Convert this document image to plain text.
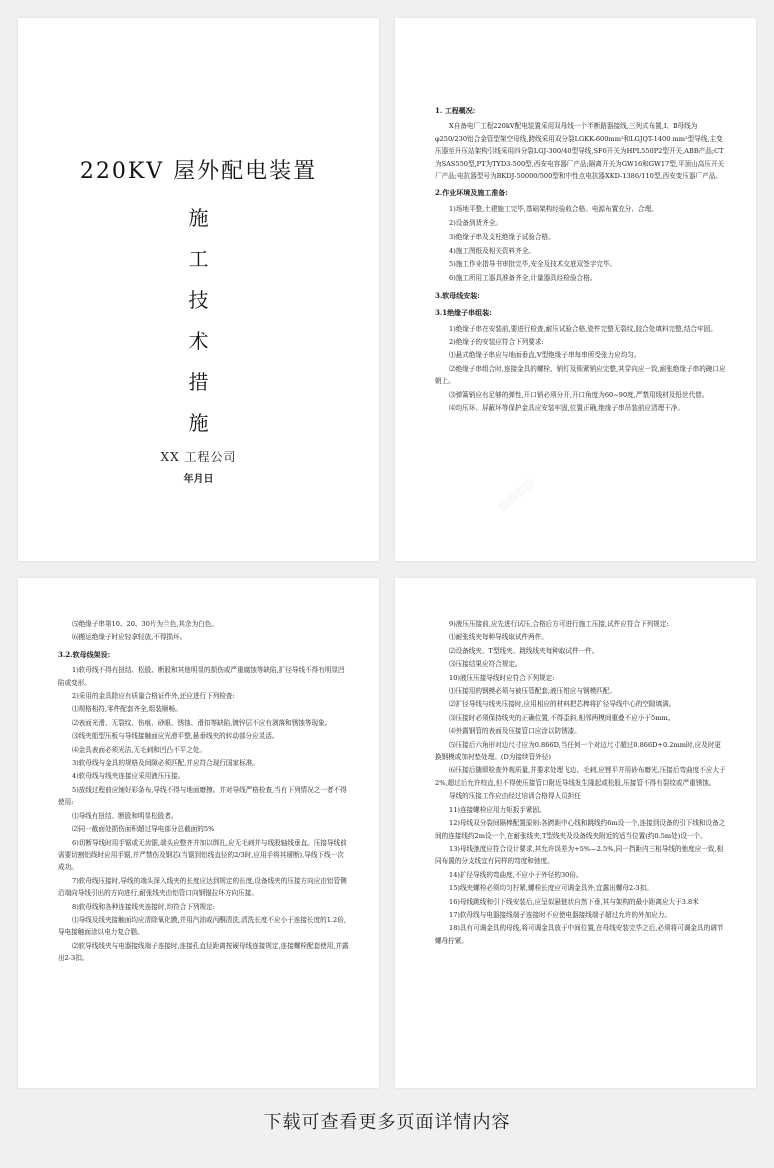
220KV 屋外配电装置
施
工
技
术
措
施
XX 工程公司
年月日
1. 工程概况:
X自备电厂工程220kV配电装置采用双母线一个半断路器接线,三列式布置,Ⅰ、Ⅱ母线为φ250/230铝合金管型架空母线,跨线采用双分裂LGKK-600mm²和LGJQT-1400 mm²型导线,主变压器至升压站架构引线采用四分裂LGJ-300/40型导线,SF6开关为HPL550P2型开关,ABB产品;CT为SAS550型,PT为TYD3-500型,西安电容器厂产品;隔离开关为GW16和GW17型,平顶山高压开关厂产品;电抗器型号为BKDJ-50000/500型和中性点电抗器XKD-1386/110型,西安变压器厂产品。
2.作业环境及施工准备:
1)场地平整,土建施工完毕,基础架构经验收合格。电源布置充分、合理。
2)设备到货齐全。
3)绝缘子串及支柱绝缘子试验合格。
4)施工图纸及相关资料齐全。
5)施工作业指导书审批完毕,安全及技术交底双签字完毕。
6)施工所用工器具准备齐全,计量器具经检验合格。
3.软母线安装:
3.1绝缘子串组装:
1)绝缘子串在安装前,要进行检查,耐压试验合格,瓷件完整无裂纹,胶合处填料完整,结合牢固。
2)绝缘子的安装应符合下列要求:
⑴悬式绝缘子串应与地面垂直,V型绝缘子串每串所受张力应均匀。
⑵绝缘子串组合时,连接金具的螺栓、销钉及锁紧销应完整,其穿向应一致,耐张绝缘子串的碗口应朝上。
⑶弹簧销应有足够的弹性,开口销必须分开,开口角度为60~90度,严禁用线材及铅丝代替。
⑷均压环、屏蔽环等保护金具应安装牢固,位置正确,绝缘子串吊装前应清理干净。
▨▨▨▨
⑸绝缘子串第10、20、30片为兰色,其余为白色。
⑹搬运绝缘子时应轻拿轻放,不得损坏。
3.2.软母线架设:
1)软母线不得有扭结、松股、断股和其他明显的损伤或严重腐蚀等缺陷,扩径导线不得有明显凹陷或变形。
2)采用的金具除应有质量合格证件外,还应进行下列检查:
⑴规格相符,零件配套齐全,组装顺畅。
⑵表面光滑、无裂纹、伤痕、砂眼、锈蚀、滑扣等缺陷,镀锌层不应有剥落和锈蚀等现象。
⑶线夹船型压板与导线接触面应光滑平整,悬垂线夹的转动部分应灵活。
⑷金具表面必须光洁,无毛刺和凹凸不平之处。
3)软母线与金具的规格及间隙必须匹配,并应符合现行国家标准。
4)软母线与线夹连接应采用液压压接。
5)放线过程前应铺好彩条布,导线不得与地面磨擦。并对导线严格检查,当有下列情况之一者不得使用:
⑴导线有扭结、断股和明显松股者。
⑵同一截面处损伤面积超过导电部分总截面的5%
6)切断导线时用手锯或无齿锯,端头应整齐并加以绑扎,应无毛刺并与线股轴线垂直。压接导线前需要切割铝线时应用手锯,并严禁伤及钢芯(当锯到铝线直径的2/3时,应用手将其掰断),导线下线一次成功。
7)软母线压接时,导线的端头深入线夹的长度应达到规定的长度,设备线夹的压接方向应由铝管侧沿端向导线引出的方向进行,耐张线夹由铝管口向钢锚拉环方向压接。
8)软母线和各种连接线夹连接时,均符合下列规定:
⑴导线及线夹接触面均应清除氧化膜,并用汽油或丙酮清洗,清洗长度不应小于连接长度的1.2倍,导电接触面涂以电力复合脂。
⑵软导线线夹与电器接线端子连接时,连接孔直径距离按硬母线连接规定,连接螺栓配套使用,并露出2-3扣。
9)液压压接前,应先进行试压,合格后方可进行施工压接,试件应符合下列规定:
⑴耐张线夹每种导线取试件两件。
⑵设备线夹、T型线夹、跳线线夹每种取试件一件。
⑶压接结果应符合规定。
10)液压压接导线时应符合下列规定:
⑴压接用的钢模必须与被压管配套,液压钳应与钢模匹配。
⑵扩径导线与线夹压接时,应用相应的材料把芯棒将扩径导线中心的空隙填满。
⑶压接时必须保持线夹的正确位置,不得歪斜,相邻两模间重叠不应小于5mm。
⑷外露钢管的表面及压接管口应涂以防锈漆。
⑸压接后六角形对边尺寸应为0.866D,当任何一个对边尺寸超过0.866D+0.2mm时,应及时更换钢模或加衬垫处理。(D为接续管外径)
⑹压接后随即检查外观质量,并要求处理飞边、毛刺,应锉平并用砂布磨光,压接后弯曲度不应大于2%,超过后允许校直,但不得使压接管口附近导线发生隆起或松股,压接管不得有裂纹或严重锈蚀。
导线的压接工作应由经过培训合格得人员担任
11)连接螺栓应用力矩扳手紧固。
12)母线双分裂间隔棒配置原则:各跨距中心线和跳线约6m设一个,连接到设备的引下线和设备之间的连接线约2m设一个,在耐张线夹,T型线夹及设备线夹附近的适当位置(约0.5m处)设一个。
13)母线弛度应符合设计要求,其允许误差为+5%—2.5%,同一挡距内三相导线的弛度应一致,相同布置的分支线宜有同样的弯度和弛度。
14)扩径导线的弯曲度,不应小于外径的30倍。
15)线夹螺栓必须均匀拧紧,螺栓长度应可调金具外,宜露出螺母2-3扣。
16)母线跳线和引下线安装后,应呈似悬链状自然下垂,其与架构的最小距离应大于3.8米
17)软母线与电器接线端子连接时不应使电器接线端子超过允许的外加应力。
18)具有可调金具的母线,将可调金具放于中间位置,在母线安装完毕之后,必须将可调金具的调节螺母拧紧。
下载可查看更多页面详情内容
